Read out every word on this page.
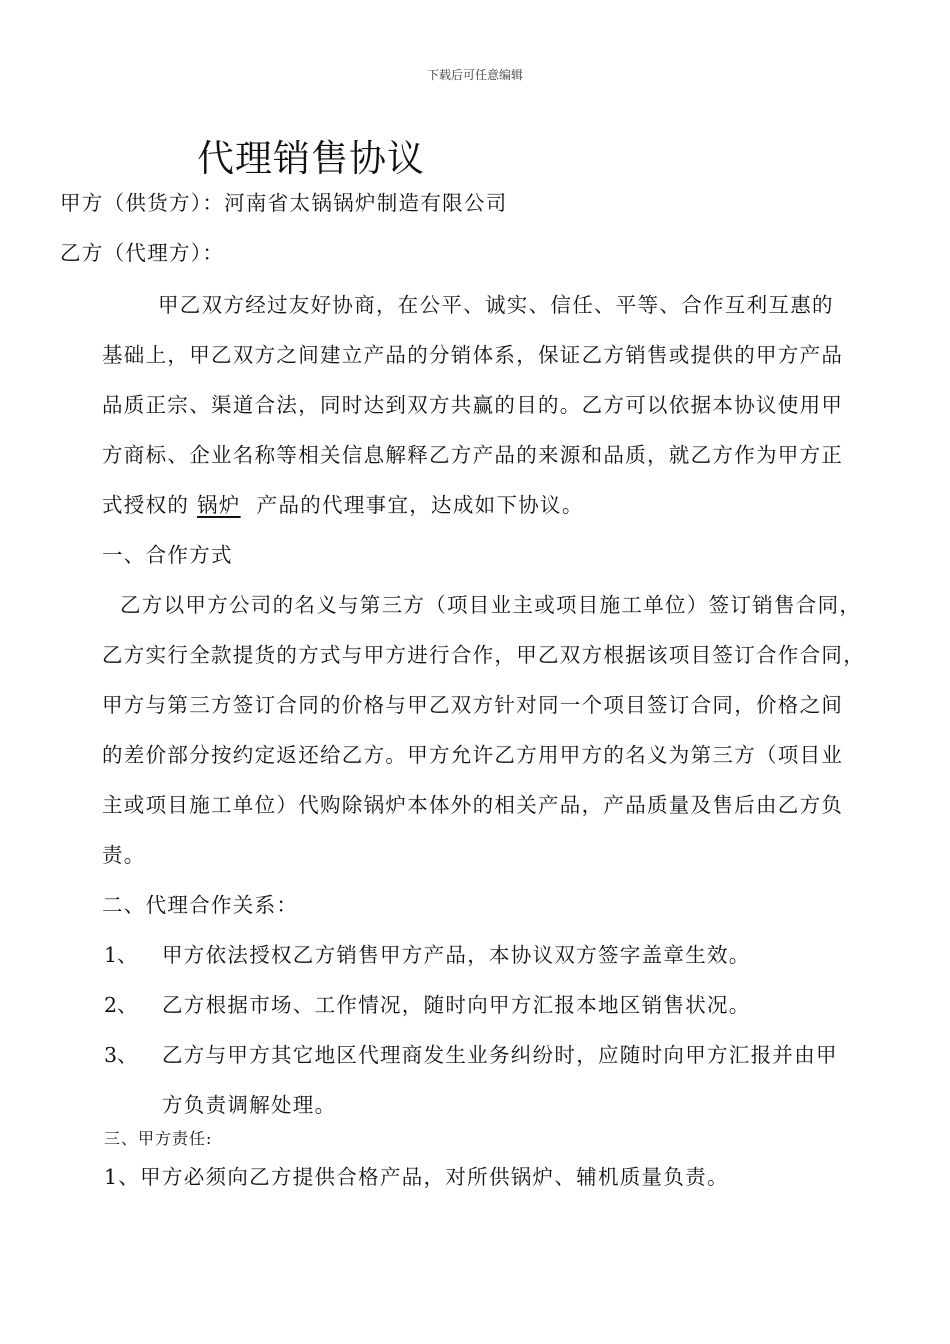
下载后可任意编辑
代理销售协议
甲方（供货方）：河南省太锅锅炉制造有限公司
乙方（代理方）：
甲乙双方经过友好协商，在公平、诚实、信任、平等、合作互利互惠的
基础上，甲乙双方之间建立产品的分销体系，保证乙方销售或提供的甲方产品
品质正宗、渠道合法，同时达到双方共赢的目的。乙方可以依据本协议使用甲
方商标、企业名称等相关信息解释乙方产品的来源和品质，就乙方作为甲方正
式授权的 锅炉 产品的代理事宜，达成如下协议。
一、合作方式
乙方以甲方公司的名义与第三方（项目业主或项目施工单位）签订销售合同，
乙方实行全款提货的方式与甲方进行合作，甲乙双方根据该项目签订合作合同，
甲方与第三方签订合同的价格与甲乙双方针对同一个项目签订合同，价格之间
的差价部分按约定返还给乙方。甲方允许乙方用甲方的名义为第三方（项目业
主或项目施工单位）代购除锅炉本体外的相关产品，产品质量及售后由乙方负
责。
二、代理合作关系：
1、 甲方依法授权乙方销售甲方产品，本协议双方签字盖章生效。
2、 乙方根据市场、工作情况，随时向甲方汇报本地区销售状况。
3、 乙方与甲方其它地区代理商发生业务纠纷时，应随时向甲方汇报并由甲
方负责调解处理。
三、甲方责任:
1、甲方必须向乙方提供合格产品，对所供锅炉、辅机质量负责。
